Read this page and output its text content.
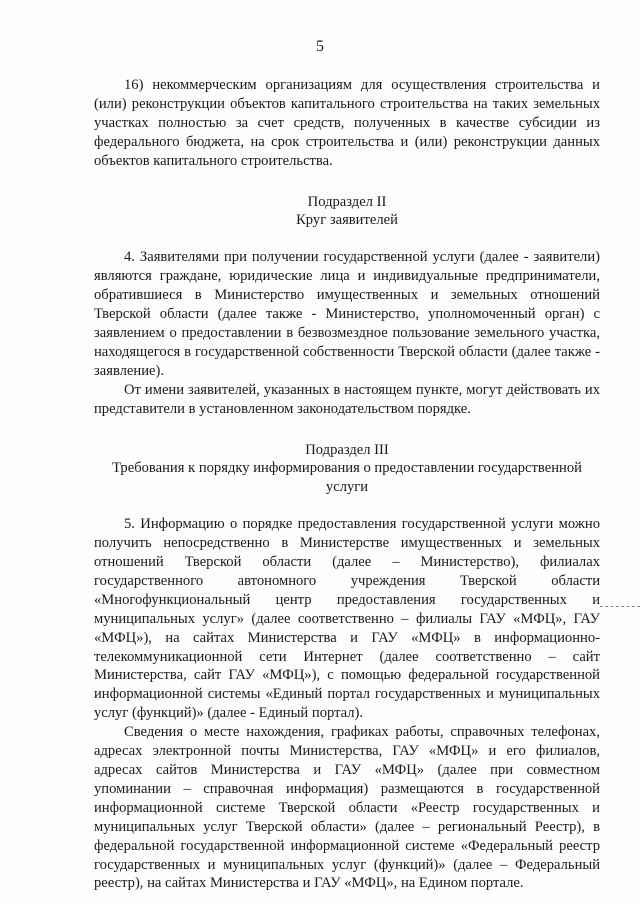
5

16) некоммерческим организациям для осуществления строительства и (или) реконструкции объектов капитального строительства на таких земельных участках полностью за счет средств, полученных в качестве субсидии из федерального бюджета, на срок строительства и (или) реконструкции данных объектов капитального строительства.

Подраздел II
Круг заявителей

4. Заявителями при получении государственной услуги (далее - заявители) являются граждане, юридические лица и индивидуальные предприниматели, обратившиеся в Министерство имущественных и земельных отношений Тверской области (далее также - Министерство, уполномоченный орган) с заявлением о предоставлении в безвозмездное пользование земельного участка, находящегося в государственной собственности Тверской области (далее также - заявление).

От имени заявителей, указанных в настоящем пункте, могут действовать их представители в установленном законодательством порядке.

Подраздел III
Требования к порядку информирования о предоставлении государственной услуги

5. Информацию о порядке предоставления государственной услуги можно получить непосредственно в Министерстве имущественных и земельных отношений Тверской области (далее – Министерство), филиалах государственного автономного учреждения Тверской области «Многофункциональный центр предоставления государственных и муниципальных услуг» (далее соответственно – филиалы ГАУ «МФЦ», ГАУ «МФЦ»), на сайтах Министерства и ГАУ «МФЦ» в информационно-телекоммуникационной сети Интернет (далее соответственно – сайт Министерства, сайт ГАУ «МФЦ»), с помощью федеральной государственной информационной системы «Единый портал государственных и муниципальных услуг (функций)» (далее - Единый портал).

Сведения о месте нахождения, графиках работы, справочных телефонах, адресах электронной почты Министерства, ГАУ «МФЦ» и его филиалов, адресах сайтов Министерства и ГАУ «МФЦ» (далее при совместном упоминании – справочная информация) размещаются в государственной информационной системе Тверской области «Реестр государственных и муниципальных услуг Тверской области» (далее – региональный Реестр), в федеральной государственной информационной системе «Федеральный реестр государственных и муниципальных услуг (функций)» (далее – Федеральный реестр), на сайтах Министерства и ГАУ «МФЦ», на Едином портале.
